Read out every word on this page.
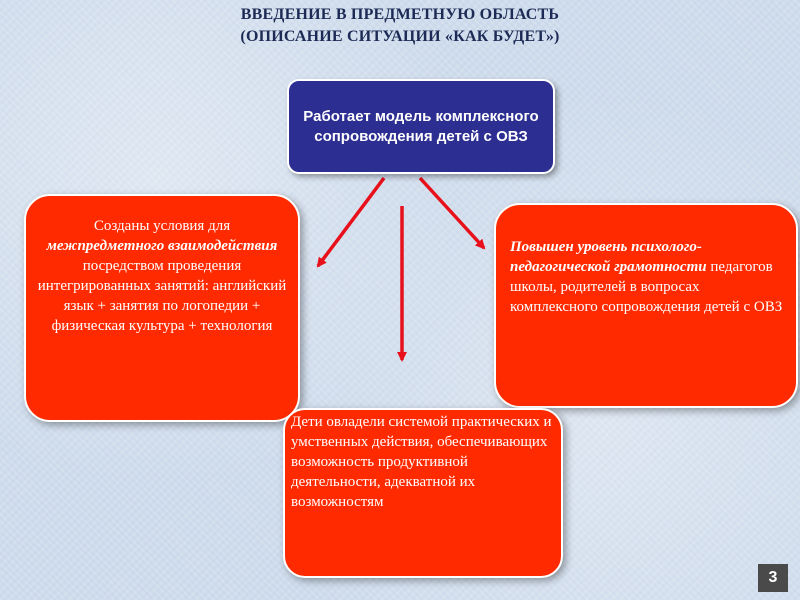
ВВЕДЕНИЕ В ПРЕДМЕТНУЮ ОБЛАСТЬ
(ОПИСАНИЕ СИТУАЦИИ «КАК БУДЕТ»)
Работает модель комплексного сопровождения детей с ОВЗ
Созданы условия для
межпредметного взаимодействия
посредством проведения интегрированных занятий: английский язык + занятия по логопедии + физическая культура + технология
Повышен уровень психолого-педагогической грамотности педагогов школы, родителей в вопросах комплексного сопровождения детей с ОВЗ
Дети овладели системой практических и умственных действия, обеспечивающих возможность продуктивной деятельности, адекватной их возможностям
3
